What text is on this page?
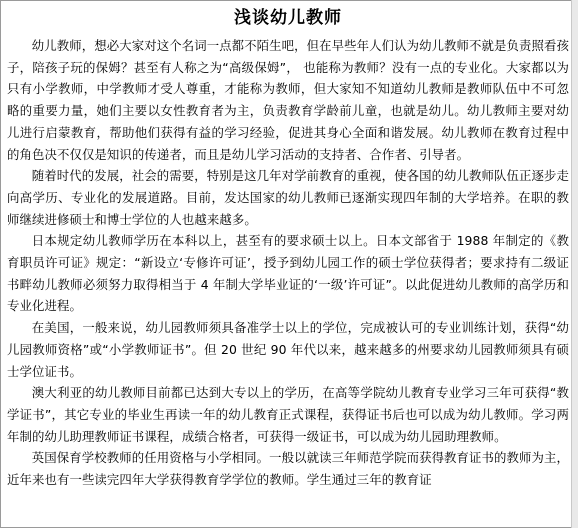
浅谈幼儿教师

幼儿教师，想必大家对这个名词一点都不陌生吧，但在早些年人们认为幼儿教师不就是负责照看孩子，陪孩子玩的保姆？甚至有人称之为“高级保姆”， 也能称为教师？没有一点的专业化。大家都以为只有小学教师，中学教师才受人尊重，才能称为教师，但大家知不知道幼儿教师是教师队伍中不可忽略的重要力量，她们主要以女性教育者为主，负责教育学龄前儿童，也就是幼儿。幼儿教师主要对幼儿进行启蒙教育，帮助他们获得有益的学习经验，促进其身心全面和谐发展。幼儿教师在教育过程中的角色决不仅仅是知识的传递者，而且是幼儿学习活动的支持者、合作者、引导者。

随着时代的发展，社会的需要，特别是这几年对学前教育的重视，使各国的幼儿教师队伍正逐步走向高学历、专业化的发展道路。目前，发达国家的幼儿教师已逐渐实现四年制的大学培养。在职的教师继续进修硕士和博士学位的人也越来越多。

日本规定幼儿教师学历在本科以上，甚至有的要求硕士以上。日本文部省于 1988 年制定的《教育职员许可证》规定：“新设立‘专修许可证’，授予到幼儿园工作的硕士学位获得者；要求持有二级证书畔幼儿教师必须努力取得相当于 4 年制大学毕业证的‘一级’许可证”。以此促进幼儿教师的高学历和专业化进程。

在美国，一般来说，幼儿园教师须具备准学士以上的学位，完成被认可的专业训练计划，获得“幼儿园教师资格”或“小学教师证书”。但 20 世纪 90 年代以来，越来越多的州要求幼儿园教师须具有硕士学位证书。

澳大利亚的幼儿教师目前都已达到大专以上的学历，在高等学院幼儿教育专业学习三年可获得“教学证书”，其它专业的毕业生再读一年的幼儿教育正式课程，获得证书后也可以成为幼儿教师。学习两年制的幼儿助理教师证书课程，成绩合格者，可获得一级证书，可以成为幼儿园助理教师。

英国保育学校教师的任用资格与小学相同。一般以就读三年师范学院而获得教育证书的教师为主，近年来也有一些读完四年大学获得教育学学位的教师。学生通过三年的教育证
